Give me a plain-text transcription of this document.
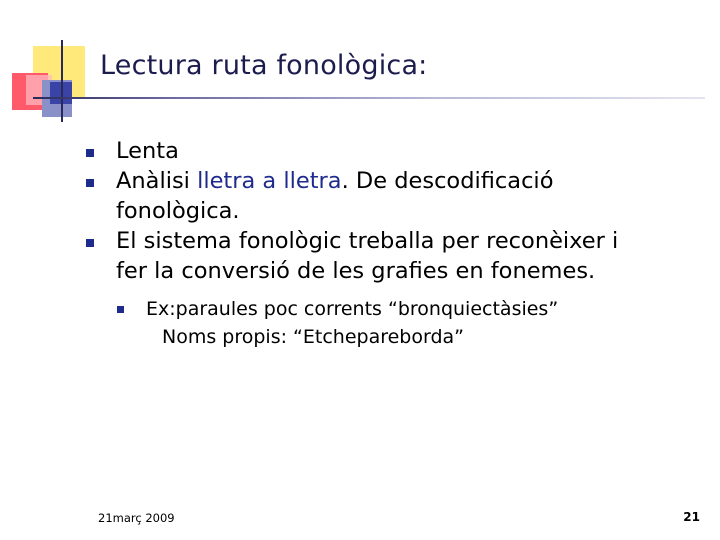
Lectura ruta fonològica:
Lenta
Anàlisi lletra a lletra. De descodificació
fonològica.
El sistema fonològic treballa per reconèixer i
fer la conversió de les grafies en fonemes.
Ex:paraules poc corrents “bronquiectàsies”
Noms propis: “Etchepareborda”
21març 2009	21
